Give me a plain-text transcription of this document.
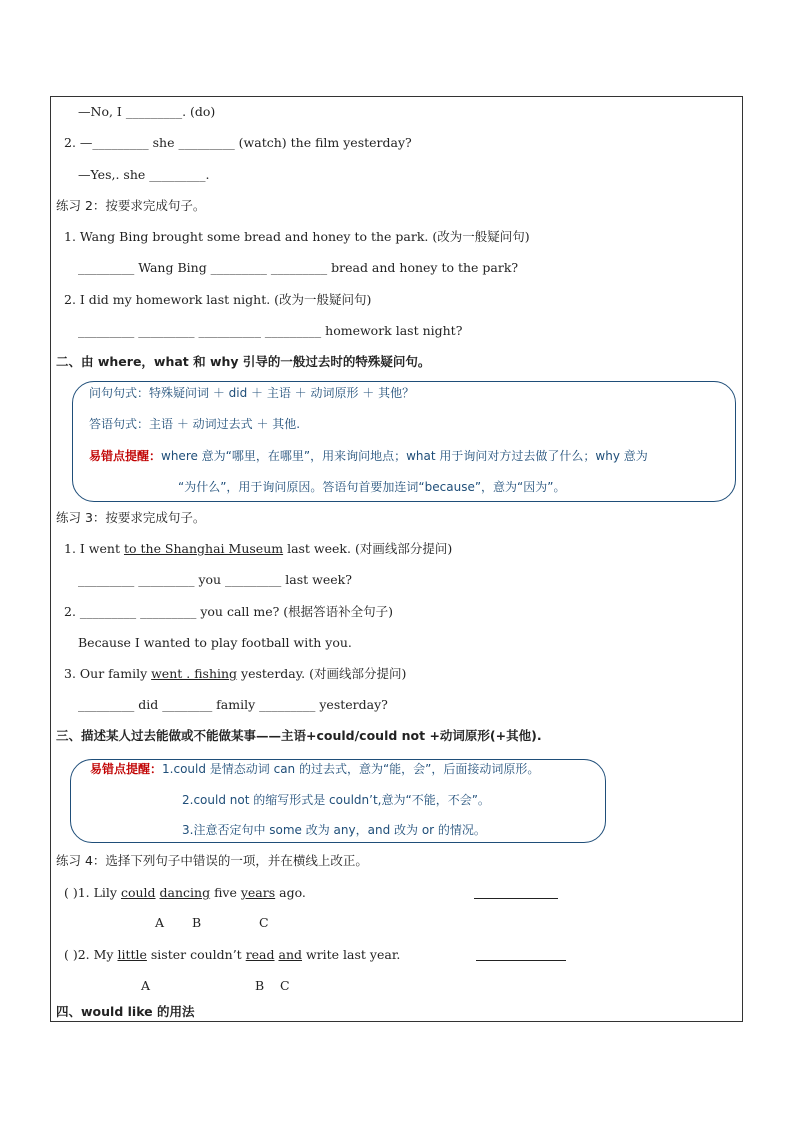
—No, I _________. (do)
2. —_________ she _________ (watch) the film yesterday?
—Yes,. she _________.
练习 2：按要求完成句子。
1. Wang Bing brought some bread and honey to the park. (改为一般疑问句)
_________ Wang Bing _________ _________ bread and honey to the park?
2. I did my homework last night. (改为一般疑问句)
_________ _________ __________ _________ homework last night?
二、由 where，what 和 why 引导的一般过去时的特殊疑问句。
问句句式：特殊疑问词 ＋ did ＋ 主语 ＋ 动词原形 ＋ 其他？
答语句式：主语 ＋ 动词过去式 ＋ 其他.
易错点提醒：where 意为“哪里，在哪里”，用来询问地点；what 用于询问对方过去做了什么；why 意为
“为什么”，用于询问原因。答语句首要加连词“because”，意为“因为”。
练习 3：按要求完成句子。
1. I went to the Shanghai Museum last week. (对画线部分提问)
_________ _________ you _________ last week?
2. _________ _________ you call me? (根据答语补全句子)
Because I wanted to play football with you.
3. Our family went . fishing yesterday. (对画线部分提问)
_________ did ________ family _________ yesterday?
三、描述某人过去能做或不能做某事——主语+could/could not +动词原形(+其他).
易错点提醒：1.could 是情态动词 can 的过去式，意为“能，会”，后面接动词原形。
2.could not 的缩写形式是 couldn’t,意为“不能，不会”。
3.注意否定句中 some 改为 any，and 改为 or 的情况。
练习 4：选择下列句子中错误的一项，并在横线上改正。
( )1. Lily could dancing five years ago.
A B	C
( )2. My little sister couldn’t read and write last year.
A	B C
四、would like 的用法
